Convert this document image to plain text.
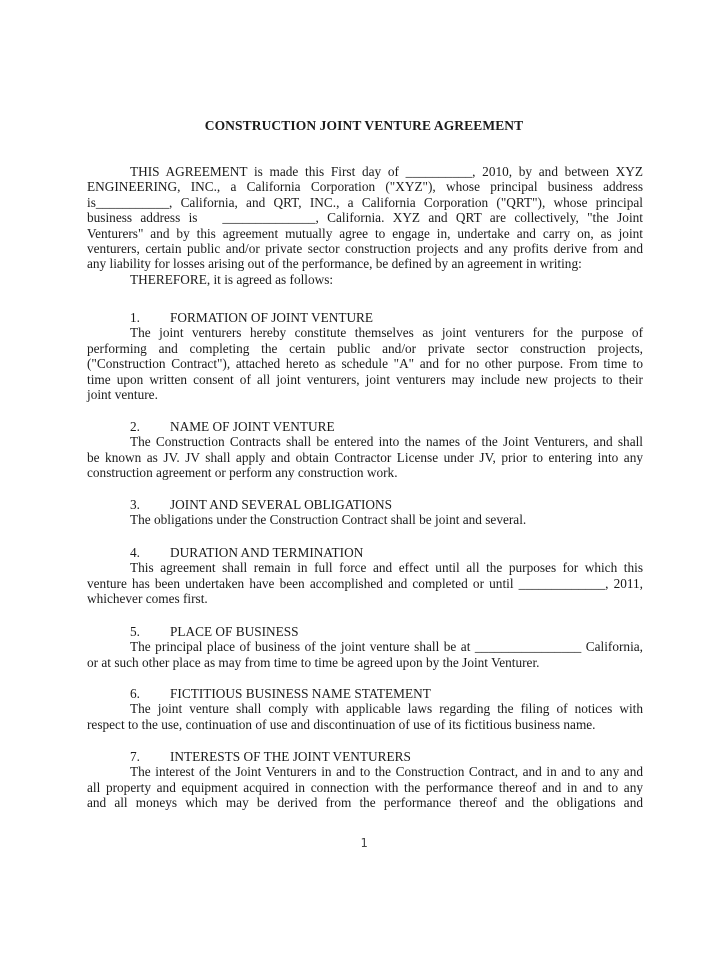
CONSTRUCTION JOINT VENTURE AGREEMENT
THIS AGREEMENT is made this First day of __________, 2010, by and between XYZ
ENGINEERING, INC., a California Corporation ("XYZ"), whose principal business address
is___________, California, and QRT, INC., a California Corporation ("QRT"), whose principal
business address is   ______________, California. XYZ and QRT are collectively, "the Joint
Venturers" and by this agreement mutually agree to engage in, undertake and carry on, as joint
venturers, certain public and/or private sector construction projects and any profits derive from and
any liability for losses arising out of the performance, be defined by an agreement in writing:
THEREFORE, it is agreed as follows:
1. FORMATION OF JOINT VENTURE
The joint venturers hereby constitute themselves as joint venturers for the purpose of
performing and completing the certain public and/or private sector construction projects,
("Construction Contract"), attached hereto as schedule "A" and for no other purpose. From time to
time upon written consent of all joint venturers, joint venturers may include new projects to their
joint venture.
2. NAME OF JOINT VENTURE
The Construction Contracts shall be entered into the names of the Joint Venturers, and shall
be known as JV. JV shall apply and obtain Contractor License under JV, prior to entering into any
construction agreement or perform any construction work.
3. JOINT AND SEVERAL OBLIGATIONS
The obligations under the Construction Contract shall be joint and several.
4. DURATION AND TERMINATION
This agreement shall remain in full force and effect until all the purposes for which this
venture has been undertaken have been accomplished and completed or until _____________, 2011,
whichever comes first.
5. PLACE OF BUSINESS
The principal place of business of the joint venture shall be at ________________ California,
or at such other place as may from time to time be agreed upon by the Joint Venturer.
6. FICTITIOUS BUSINESS NAME STATEMENT
The joint venture shall comply with applicable laws regarding the filing of notices with
respect to the use, continuation of use and discontinuation of use of its fictitious business name.
7. INTERESTS OF THE JOINT VENTURERS
The interest of the Joint Venturers in and to the Construction Contract, and in and to any and
all property and equipment acquired in connection with the performance thereof and in and to any
and all moneys which may be derived from the performance thereof and the obligations and
1
